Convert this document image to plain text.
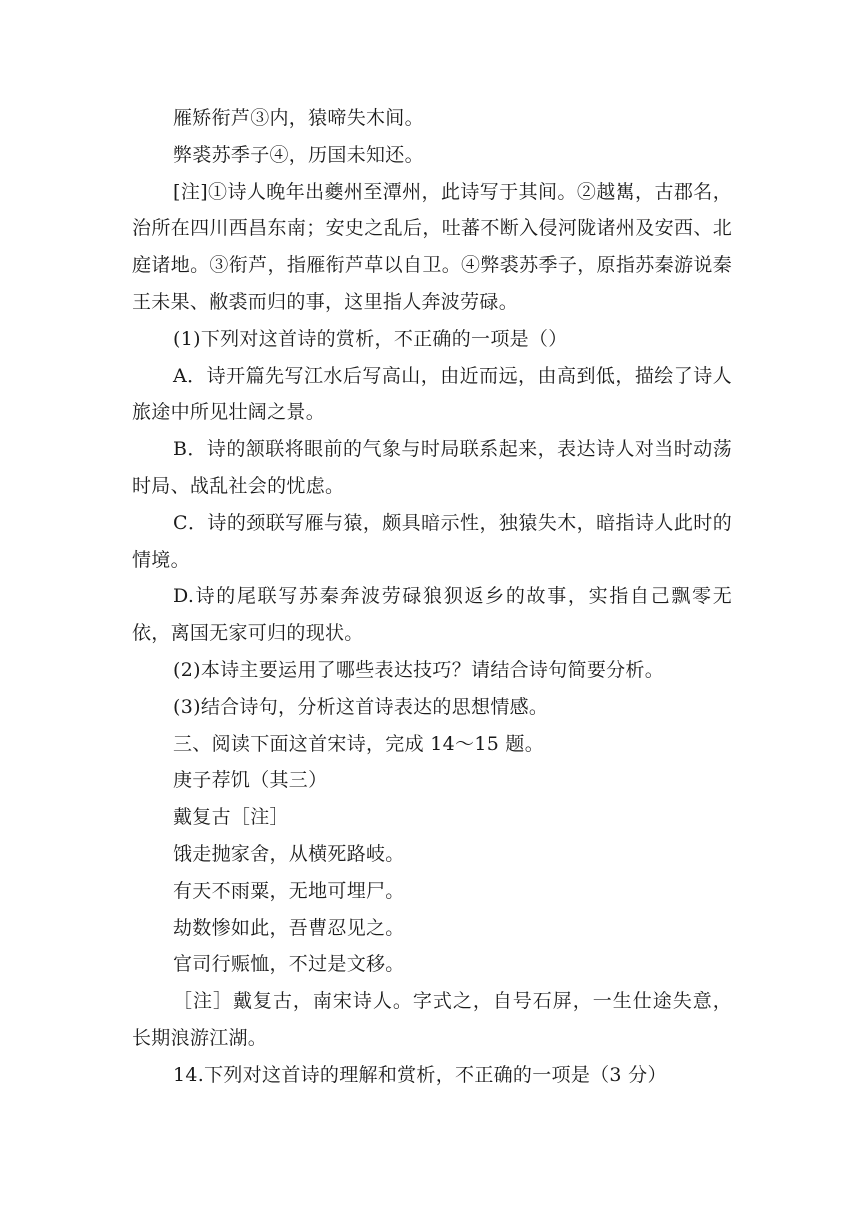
雁矫衔芦③内，猿啼失木间。

弊裘苏季子④，历国未知还。

[注]①诗人晚年出夔州至潭州，此诗写于其间。②越嶲，古郡名，治所在四川西昌东南；安史之乱后，吐蕃不断入侵河陇诸州及安西、北庭诸地。③衔芦，指雁衔芦草以自卫。④弊裘苏季子，原指苏秦游说秦王未果、敝裘而归的事，这里指人奔波劳碌。

(1)下列对这首诗的赏析，不正确的一项是（）

A．诗开篇先写江水后写高山，由近而远，由高到低，描绘了诗人旅途中所见壮阔之景。

B．诗的颔联将眼前的气象与时局联系起来，表达诗人对当时动荡时局、战乱社会的忧虑。

C．诗的颈联写雁与猿，颇具暗示性，独猿失木，暗指诗人此时的情境。

D.诗的尾联写苏秦奔波劳碌狼狈返乡的故事，实指自己飘零无依，离国无家可归的现状。

(2)本诗主要运用了哪些表达技巧？请结合诗句简要分析。

(3)结合诗句，分析这首诗表达的思想情感。

三、阅读下面这首宋诗，完成 14～15 题。

庚子荐饥（其三）

戴复古［注］

饿走抛家舍，从横死路岐。

有天不雨粟，无地可埋尸。

劫数惨如此，吾曹忍见之。

官司行赈恤，不过是文移。

［注］戴复古，南宋诗人。字式之，自号石屏，一生仕途失意，长期浪游江湖。

14.下列对这首诗的理解和赏析，不正确的一项是（3 分）
